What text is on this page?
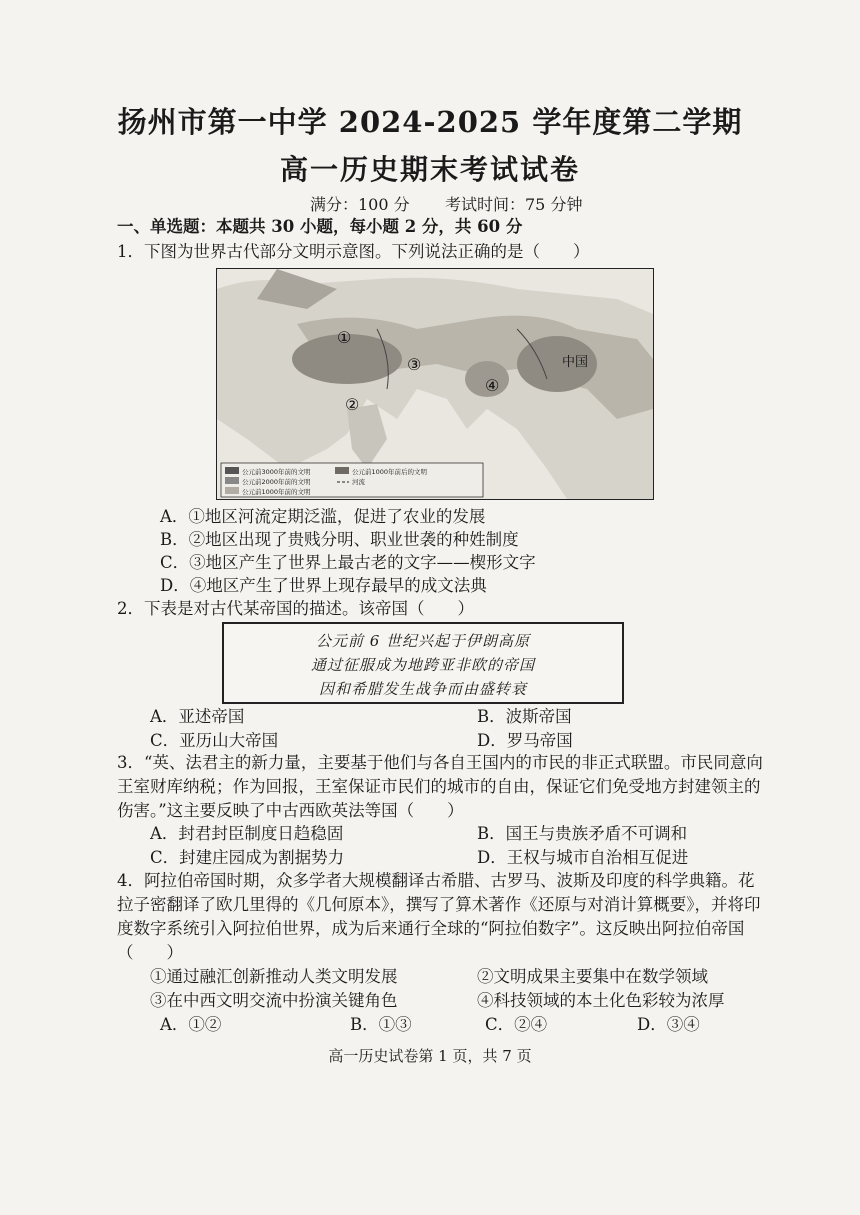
扬州市第一中学 2024-2025 学年度第二学期
高一历史期末考试试卷
满分：100 分 考试时间：75 分钟
一、单选题：本题共 30 小题，每小题 2 分，共 60 分
1．下图为世界古代部分文明示意图。下列说法正确的是（　　）
①
②
③
④
中国
公元前3000年前的文明
公元前2000年前的文明
公元前1000年前的文明
公元前1000年前后的文明
河流
A．①地区河流定期泛滥，促进了农业的发展
B．②地区出现了贵贱分明、职业世袭的种姓制度
C．③地区产生了世界上最古老的文字——楔形文字
D．④地区产生了世界上现存最早的成文法典
2．下表是对古代某帝国的描述。该帝国（　　）
公元前 6 世纪兴起于伊朗高原
通过征服成为地跨亚非欧的帝国
因和希腊发生战争而由盛转衰
A．亚述帝国	B．波斯帝国
C．亚历山大帝国	D．罗马帝国
3．“英、法君主的新力量，主要基于他们与各自王国内的市民的非正式联盟。市民同意向
王室财库纳税；作为回报，王室保证市民们的城市的自由，保证它们免受地方封建领主的
伤害。”这主要反映了中古西欧英法等国（　　）
A．封君封臣制度日趋稳固	B．国王与贵族矛盾不可调和
C．封建庄园成为割据势力	D．王权与城市自治相互促进
4．阿拉伯帝国时期，众多学者大规模翻译古希腊、古罗马、波斯及印度的科学典籍。花
拉子密翻译了欧几里得的《几何原本》，撰写了算术著作《还原与对消计算概要》，并将印
度数字系统引入阿拉伯世界，成为后来通行全球的“阿拉伯数字”。这反映出阿拉伯帝国
（　　）
①通过融汇创新推动人类文明发展	②文明成果主要集中在数学领域
③在中西文明交流中扮演关键角色	④科技领域的本土化色彩较为浓厚
A．①②	B．①③	C．②④	D．③④
高一历史试卷第 1 页，共 7 页
